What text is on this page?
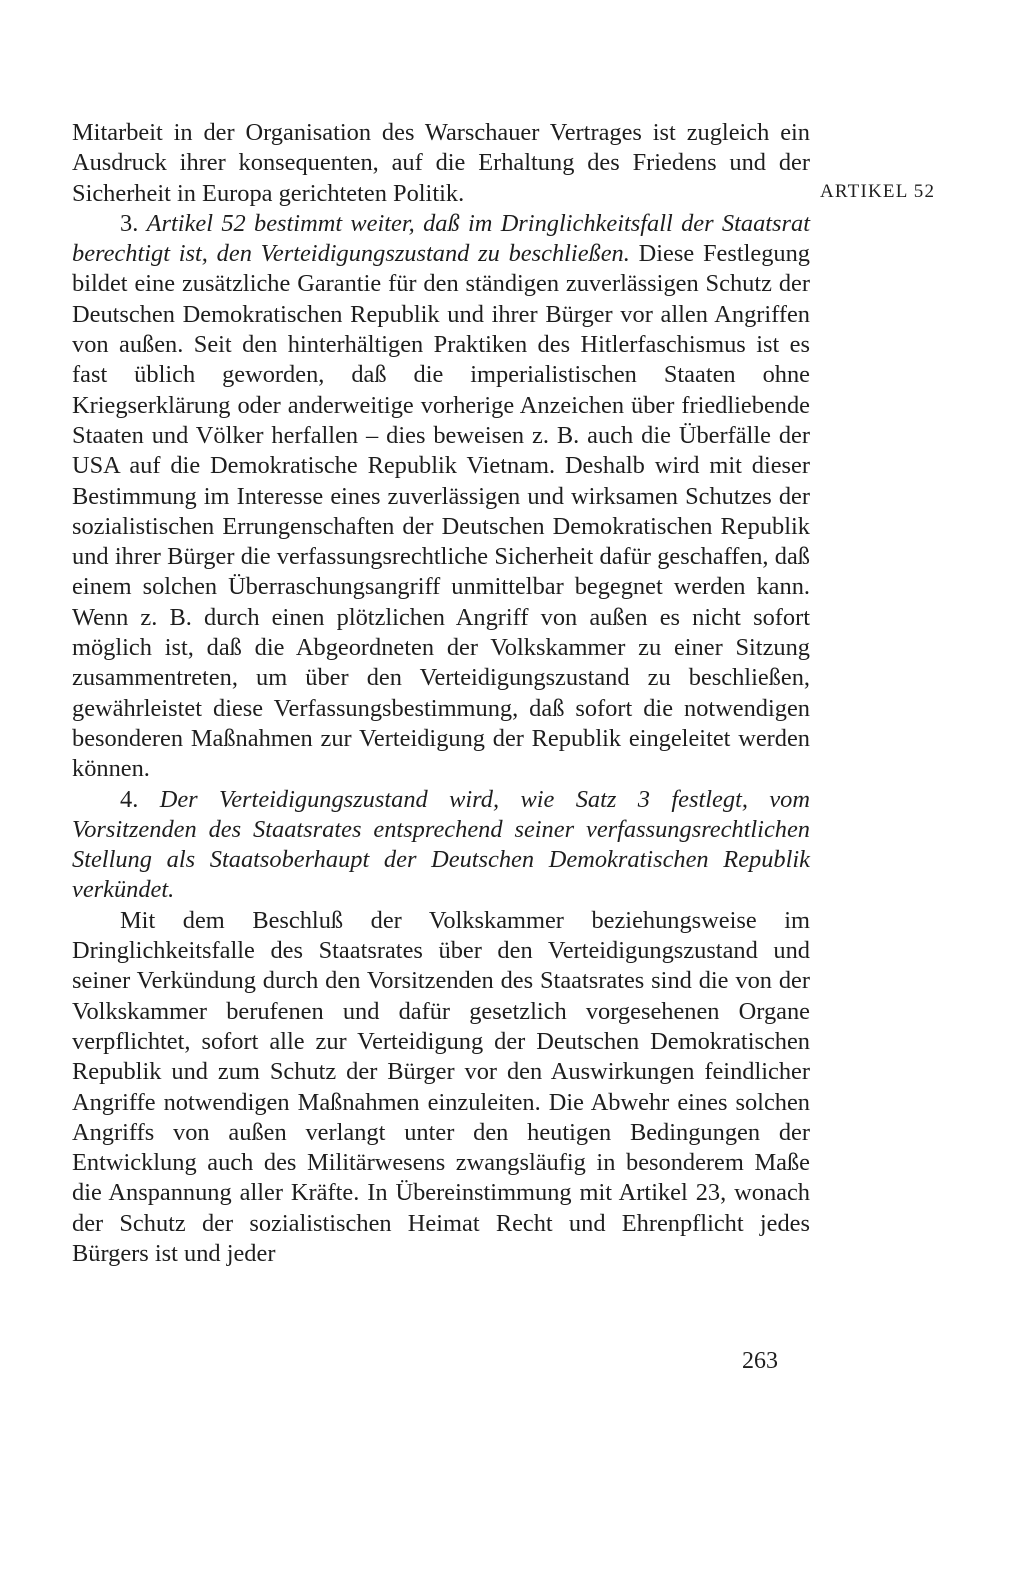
Mitarbeit in der Organisation des Warschauer Vertrages ist zugleich ein Ausdruck ihrer konsequenten, auf die Erhaltung des Friedens und der Sicherheit in Europa gerichteten Politik.

3. Artikel 52 bestimmt weiter, daß im Dringlichkeitsfall der Staatsrat berechtigt ist, den Verteidigungszustand zu beschließen. Diese Festlegung bildet eine zusätzliche Garantie für den ständigen zuverlässigen Schutz der Deutschen Demokratischen Republik und ihrer Bürger vor allen Angriffen von außen. Seit den hinterhältigen Praktiken des Hitlerfaschismus ist es fast üblich geworden, daß die imperialistischen Staaten ohne Kriegserklärung oder anderweitige vorherige Anzeichen über friedliebende Staaten und Völker herfallen – dies beweisen z. B. auch die Überfälle der USA auf die Demokratische Republik Vietnam. Deshalb wird mit dieser Bestimmung im Interesse eines zuverlässigen und wirksamen Schutzes der sozialistischen Errungenschaften der Deutschen Demokratischen Republik und ihrer Bürger die verfassungsrechtliche Sicherheit dafür geschaffen, daß einem solchen Überraschungsangriff unmittelbar begegnet werden kann. Wenn z. B. durch einen plötzlichen Angriff von außen es nicht sofort möglich ist, daß die Abgeordneten der Volkskammer zu einer Sitzung zusammentreten, um über den Verteidigungszustand zu beschließen, gewährleistet diese Verfassungsbestimmung, daß sofort die notwendigen besonderen Maßnahmen zur Verteidigung der Republik eingeleitet werden können.

4. Der Verteidigungszustand wird, wie Satz 3 festlegt, vom Vorsitzenden des Staatsrates entsprechend seiner verfassungsrechtlichen Stellung als Staatsoberhaupt der Deutschen Demokratischen Republik verkündet.

Mit dem Beschluß der Volkskammer beziehungsweise im Dringlichkeitsfalle des Staatsrates über den Verteidigungszustand und seiner Verkündung durch den Vorsitzenden des Staatsrates sind die von der Volkskammer berufenen und dafür gesetzlich vorgesehenen Organe verpflichtet, sofort alle zur Verteidigung der Deutschen Demokratischen Republik und zum Schutz der Bürger vor den Auswirkungen feindlicher Angriffe notwendigen Maßnahmen einzuleiten. Die Abwehr eines solchen Angriffs von außen verlangt unter den heutigen Bedingungen der Entwicklung auch des Militärwesens zwangsläufig in besonderem Maße die Anspannung aller Kräfte. In Übereinstimmung mit Artikel 23, wonach der Schutz der sozialistischen Heimat Recht und Ehrenpflicht jedes Bürgers ist und jeder

ARTIKEL 52
263
